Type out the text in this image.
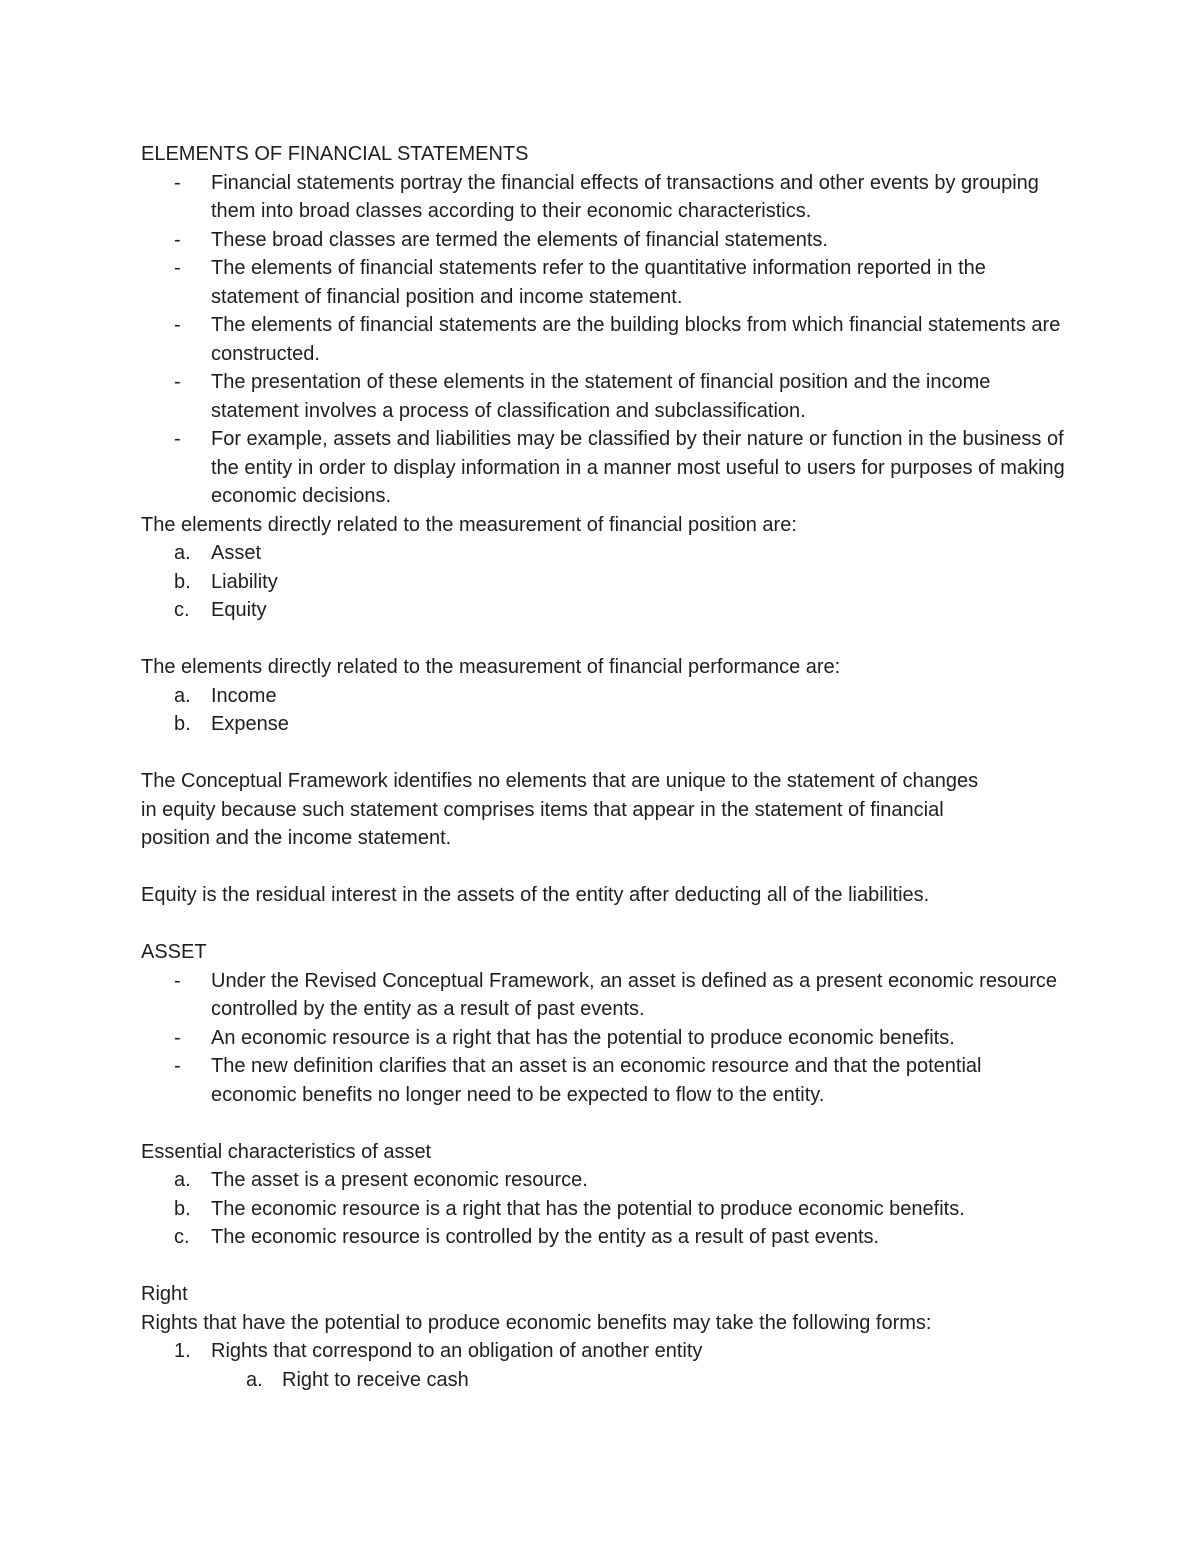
ELEMENTS OF FINANCIAL STATEMENTS
- Financial statements portray the financial effects of transactions and other events by grouping them into broad classes according to their economic characteristics.
- These broad classes are termed the elements of financial statements.
- The elements of financial statements refer to the quantitative information reported in the statement of financial position and income statement.
- The elements of financial statements are the building blocks from which financial statements are constructed.
- The presentation of these elements in the statement of financial position and the income statement involves a process of classification and subclassification.
- For example, assets and liabilities may be classified by their nature or function in the business of the entity in order to display information in a manner most useful to users for purposes of making economic decisions.
The elements directly related to the measurement of financial position are:
a. Asset
b. Liability
c. Equity
The elements directly related to the measurement of financial performance are:
a. Income
b. Expense
The Conceptual Framework identifies no elements that are unique to the statement of changes
in equity because such statement comprises items that appear in the statement of financial
position and the income statement.
Equity is the residual interest in the assets of the entity after deducting all of the liabilities.
ASSET
- Under the Revised Conceptual Framework, an asset is defined as a present economic resource controlled by the entity as a result of past events.
- An economic resource is a right that has the potential to produce economic benefits.
- The new definition clarifies that an asset is an economic resource and that the potential economic benefits no longer need to be expected to flow to the entity.
Essential characteristics of asset
a. The asset is a present economic resource.
b. The economic resource is a right that has the potential to produce economic benefits.
c. The economic resource is controlled by the entity as a result of past events.
Right
Rights that have the potential to produce economic benefits may take the following forms:
1. Rights that correspond to an obligation of another entity
a. Right to receive cash
